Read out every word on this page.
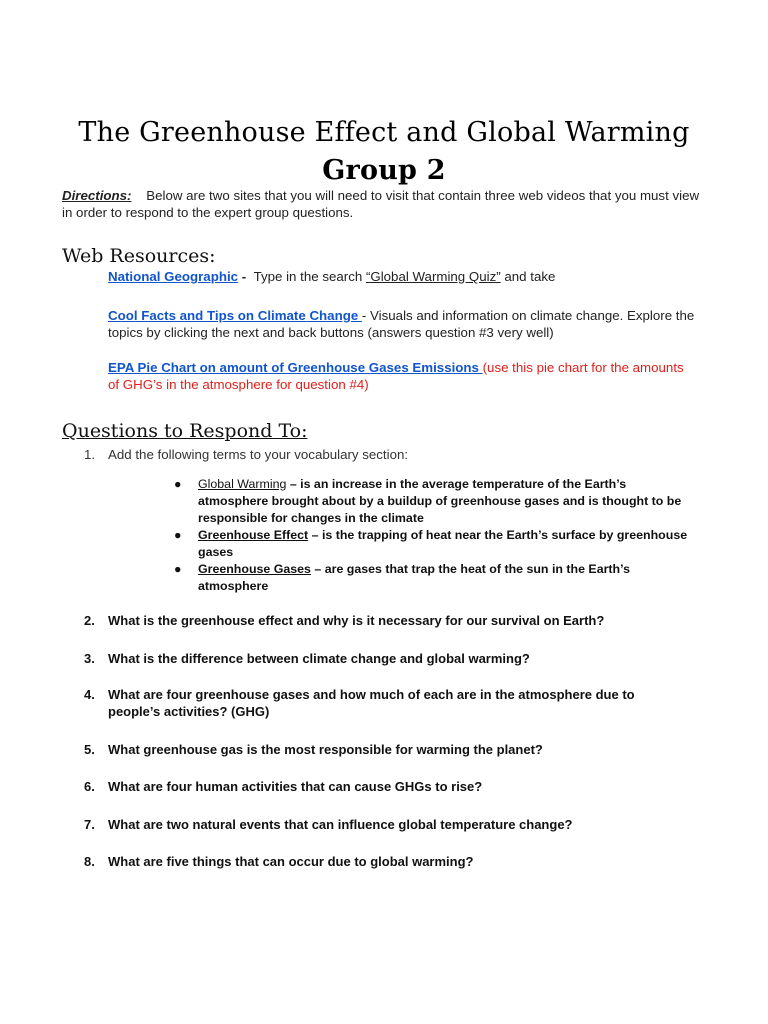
The Greenhouse Effect and Global Warming
Group 2
Directions: Below are two sites that you will need to visit that contain three web videos that you must view in order to respond to the expert group questions.
Web Resources:
National Geographic -  Type in the search “Global Warming Quiz” and take
Cool Facts and Tips on Climate Change - Visuals and information on climate change. Explore the topics by clicking the next and back buttons (answers question #3 very well)
EPA Pie Chart on amount of Greenhouse Gases Emissions (use this pie chart for the amounts of GHG’s in the atmosphere for question #4)
Questions to Respond To:
1. Add the following terms to your vocabulary section:

● Global Warming – is an increase in the average temperature of the Earth’s atmosphere brought about by a buildup of greenhouse gases and is thought to be responsible for changes in the climate

● Greenhouse Effect – is the trapping of heat near the Earth’s surface by greenhouse gases

● Greenhouse Gases – are gases that trap the heat of the sun in the Earth’s atmosphere

2. What is the greenhouse effect and why is it necessary for our survival on Earth?
3. What is the difference between climate change and global warming?
4. What are four greenhouse gases and how much of each are in the atmosphere due to
people’s activities? (GHG)
5. What greenhouse gas is the most responsible for warming the planet?
6. What are four human activities that can cause GHGs to rise?
7. What are two natural events that can influence global temperature change?
8. What are five things that can occur due to global warming?
